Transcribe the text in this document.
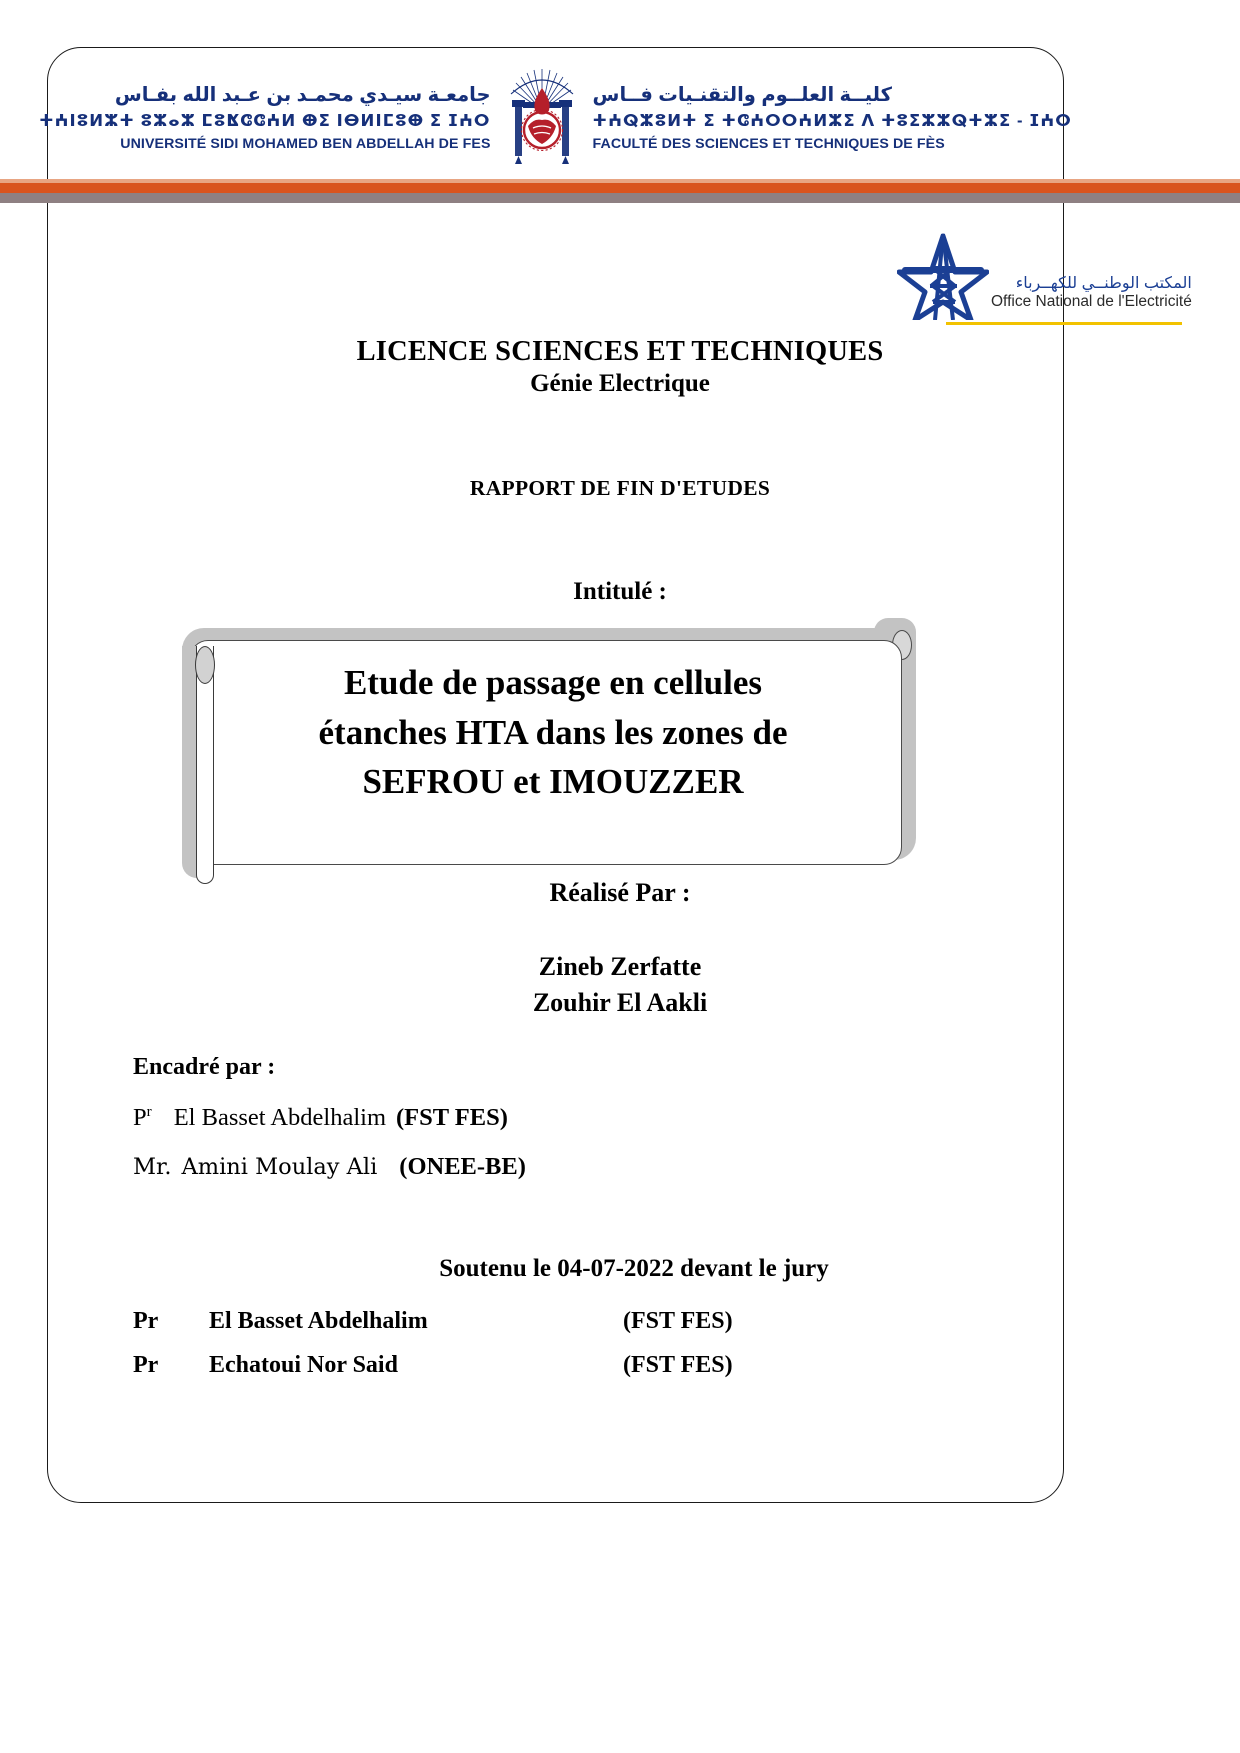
جامعـة سيـدي محمـد بن عـبد الله بفـاس
ⵜⵄⵏⵓⵍⵣⵜ ⵓⵣⴰⵣ ⵎⵓⴿⵛⵛⵄⵍ ⴲⵉ ⵏⴱⵍⵏⵎⵓⴲ ⵉ ⵊⵄⵔ
UNIVERSITÉ SIDI MOHAMED BEN ABDELLAH DE FES
كليــة العلــوم والتقنـيات فــاس
ⵜⵄⵕⵣⵓⵍⵜ ⵉ ⵜⵛⵄⵔⵔⵄⵍⵣⵉ ⴷ ⵜⵓⵉⵣⵣⵕⵜⵣⵉ - ⵊⵄⵔ
FACULTÉ DES SCIENCES ET TECHNIQUES DE FÈS
المكتب الوطنــي للكهــرباء
Office National de l'Electricité
LICENCE SCIENCES ET TECHNIQUES
Génie Electrique
RAPPORT DE FIN D'ETUDES
Intitulé :
Etude de passage en cellules
étanches HTA dans les zones de
SEFROU et IMOUZZER
Réalisé Par :
Zineb Zerfatte
Zouhir El Aakli
Encadré par :
$P^r$ El Basset Abdelhalim (FST FES)
Mr. Amini Moulay Ali (ONEE-BE)
Soutenu le 04-07-2022 devant le jury
Pr	El Basset Abdelhalim	(FST FES)
Pr	Echatoui Nor Said	(FST FES)
